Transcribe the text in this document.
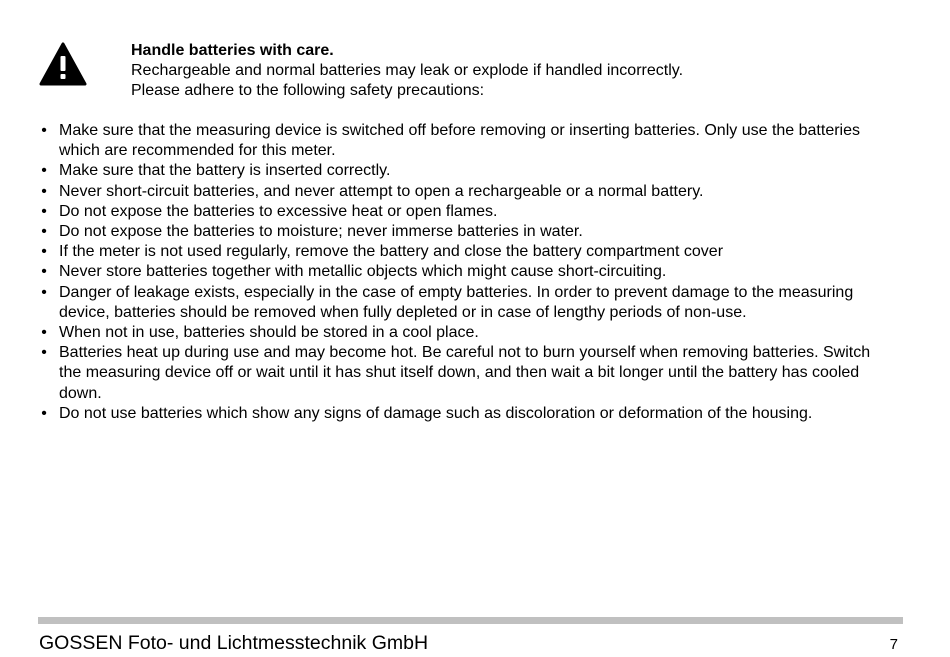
Handle batteries with care.
Rechargeable and normal batteries may leak or explode if handled incorrectly.
Please adhere to the following safety precautions:
• Make sure that the measuring device is switched off before removing or inserting batteries. Only use the batteries which are recommended for this meter.
• Make sure that the battery is inserted correctly.
• Never short-circuit batteries, and never attempt to open a rechargeable or a normal battery.
• Do not expose the batteries to excessive heat or open flames.
• Do not expose the batteries to moisture; never immerse batteries in water.
• If the meter is not used regularly, remove the battery and close the battery compartment cover
• Never store batteries together with metallic objects which might cause short-circuiting.
• Danger of leakage exists, especially in the case of empty batteries. In order to prevent damage to the measuring device, batteries should be removed when fully depleted or in case of lengthy periods of non-use.
• When not in use, batteries should be stored in a cool place.
• Batteries heat up during use and may become hot. Be careful not to burn yourself when removing batteries. Switch the measuring device off or wait until it has shut itself down, and then wait a bit longer until the battery has cooled down.
• Do not use batteries which show any signs of damage such as discoloration or deformation of the housing.
GOSSEN Foto- und Lichtmesstechnik GmbH	7
